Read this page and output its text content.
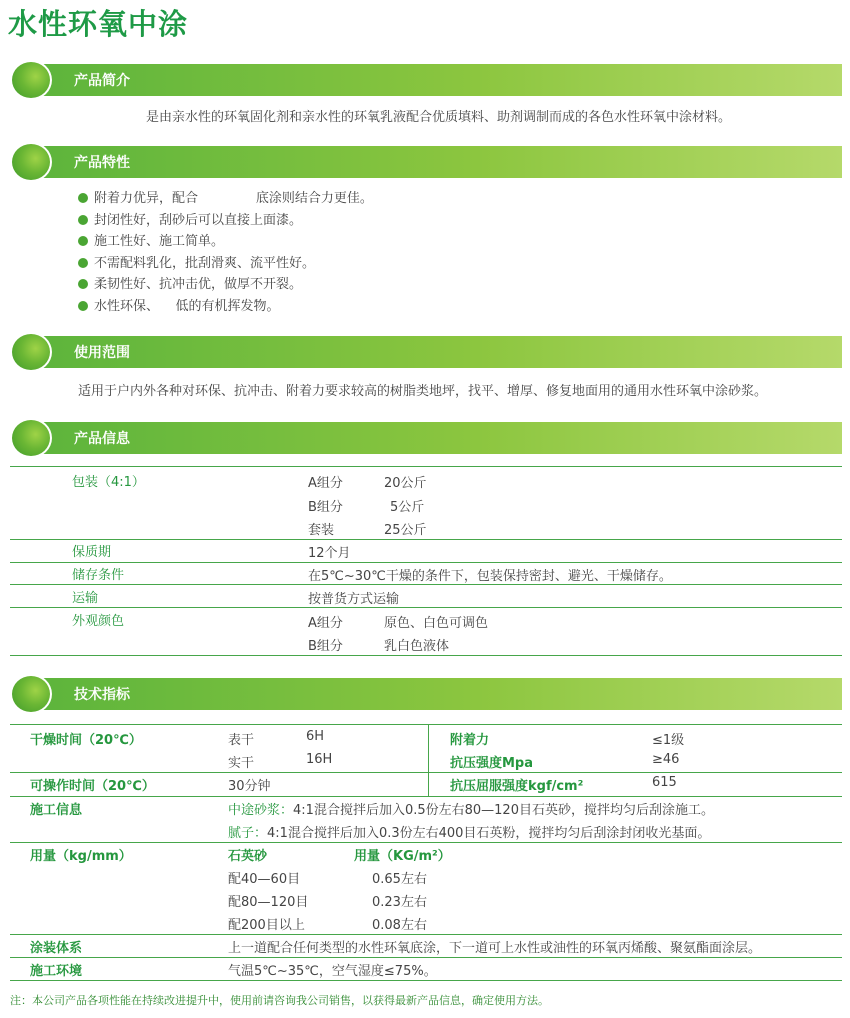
水性环氧中涂
产品简介
是由亲水性的环氧固化剂和亲水性的环氧乳液配合优质填料、助剂调制而成的各色水性环氧中涂材料。
产品特性
附着力优异，配合              底涂则结合力更佳。
封闭性好，刮砂后可以直接上面漆。
施工性好、施工简单。
不需配料乳化，批刮滑爽、流平性好。
柔韧性好、抗冲击优，做厚不开裂。
水性环保、    低的有机挥发物。
使用范围
适用于户内外各种对环保、抗冲击、附着力要求较高的树脂类地坪，找平、增厚、修复地面用的通用水性环氧中涂砂浆。
产品信息
包装（4:1）	A组分	20公斤
B组分	5公斤
套装	25公斤
保质期	12个月
储存条件	在5℃~30℃干燥的条件下，包装保持密封、避光、干燥储存。
运输	按普货方式运输
外观颜色	A组分	原色、白色可调色
B组分	乳白色液体
技术指标
干燥时间（20℃）	表干	6H	附着力	≤1级
实干	16H	抗压强度Mpa	≥46
可操作时间（20℃）	30分钟	抗压屈服强度kgf/cm²	615
施工信息	中途砂浆：4:1混合搅拌后加入0.5份左右80—120目石英砂，搅拌均匀后刮涂施工。
腻子：4:1混合搅拌后加入0.3份左右400目石英粉，搅拌均匀后刮涂封闭收光基面。
用量（kg/mm）	石英砂	用量（KG/m²）
配40—60目	0.65左右
配80—120目	0.23左右
配200目以上	0.08左右
涂装体系	上一道配合任何类型的水性环氧底涂，下一道可上水性或油性的环氧丙烯酸、聚氨酯面涂层。
施工环境	气温5℃~35℃，空气湿度≤75%。
注：本公司产品各项性能在持续改进提升中，使用前请咨询我公司销售，以获得最新产品信息，确定使用方法。
